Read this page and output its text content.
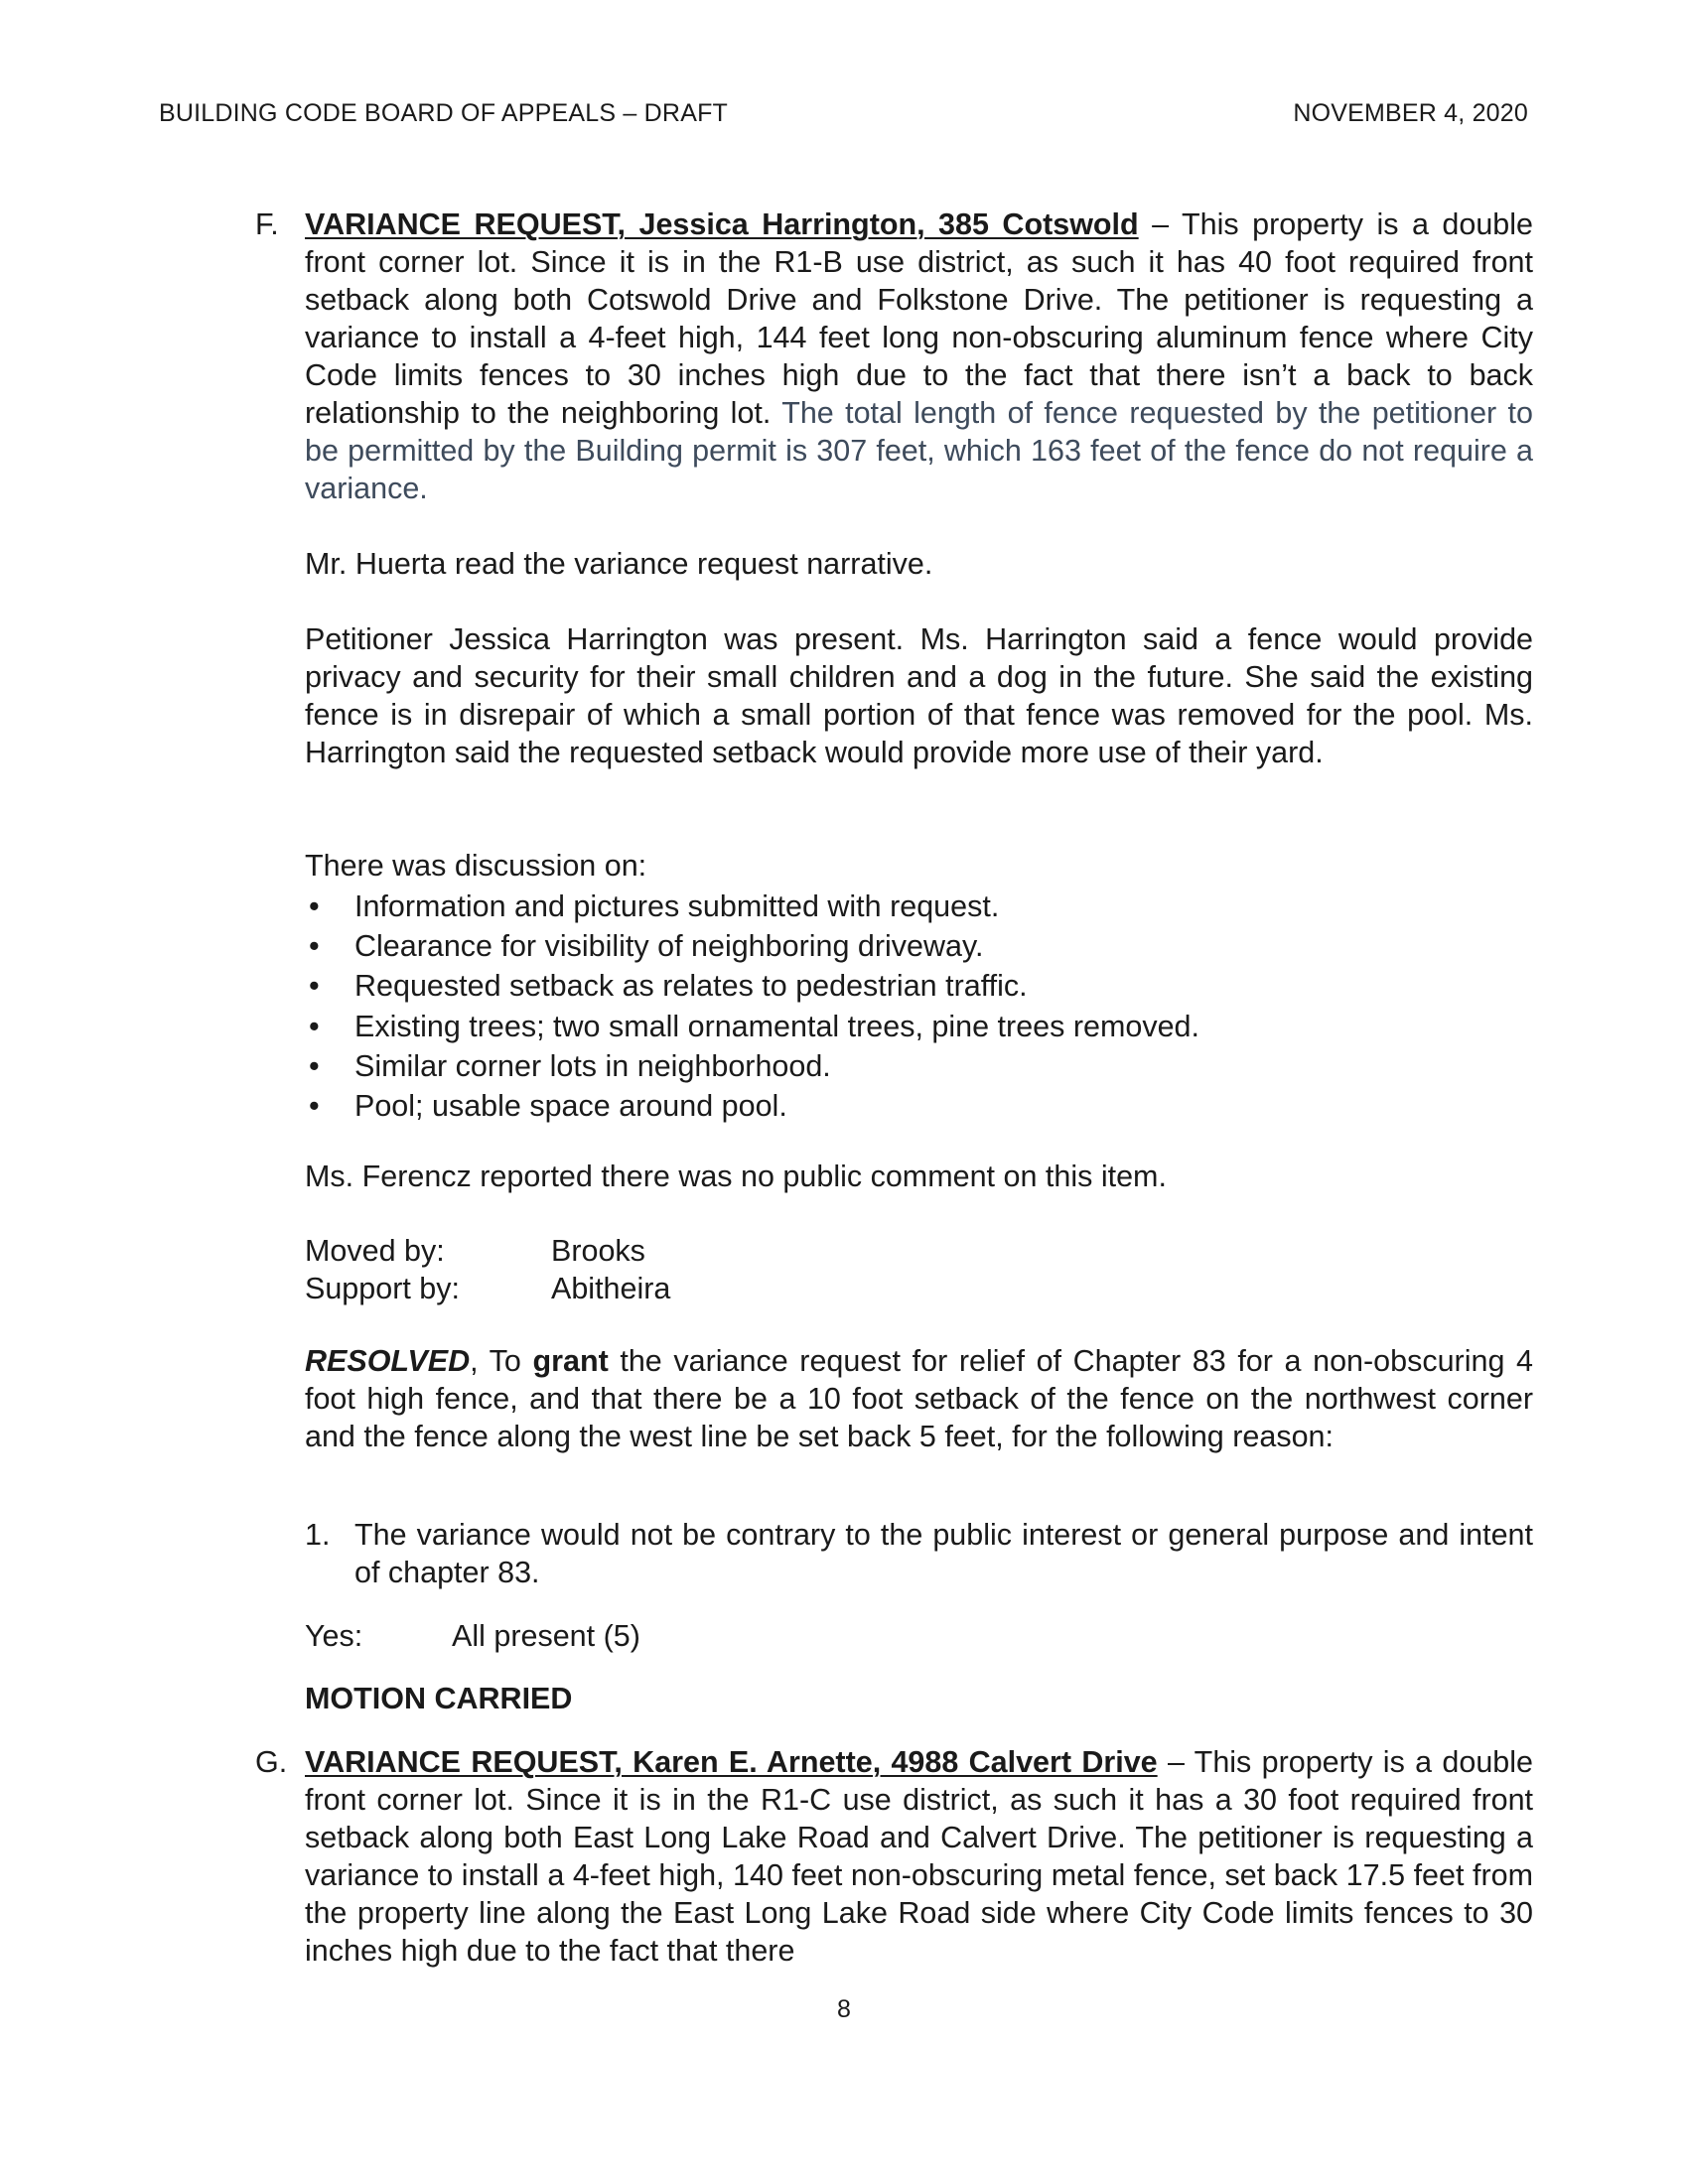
BUILDING CODE BOARD OF APPEALS – DRAFT	NOVEMBER 4, 2020
F. VARIANCE REQUEST, Jessica Harrington, 385 Cotswold – This property is a double front corner lot. Since it is in the R1-B use district, as such it has 40 foot required front setback along both Cotswold Drive and Folkstone Drive. The petitioner is requesting a variance to install a 4-feet high, 144 feet long non-obscuring aluminum fence where City Code limits fences to 30 inches high due to the fact that there isn’t a back to back relationship to the neighboring lot. The total length of fence requested by the petitioner to be permitted by the Building permit is 307 feet, which 163 feet of the fence do not require a variance.

Mr. Huerta read the variance request narrative.

Petitioner Jessica Harrington was present. Ms. Harrington said a fence would provide privacy and security for their small children and a dog in the future. She said the existing fence is in disrepair of which a small portion of that fence was removed for the pool. Ms. Harrington said the requested setback would provide more use of their yard.

There was discussion on:

• Information and pictures submitted with request.
• Clearance for visibility of neighboring driveway.
• Requested setback as relates to pedestrian traffic.
• Existing trees; two small ornamental trees, pine trees removed.
• Similar corner lots in neighborhood.
• Pool; usable space around pool.

Ms. Ferencz reported there was no public comment on this item.

Moved by:	Brooks
Support by:	Abitheira

RESOLVED, To grant the variance request for relief of Chapter 83 for a non-obscuring 4 foot high fence, and that there be a 10 foot setback of the fence on the northwest corner and the fence along the west line be set back 5 feet, for the following reason:

1. The variance would not be contrary to the public interest or general purpose and intent of chapter 83.

Yes:	All present (5)

MOTION CARRIED

G. VARIANCE REQUEST, Karen E. Arnette, 4988 Calvert Drive – This property is a double front corner lot. Since it is in the R1-C use district, as such it has a 30 foot required front setback along both East Long Lake Road and Calvert Drive. The petitioner is requesting a variance to install a 4-feet high, 140 feet non-obscuring metal fence, set back 17.5 feet from the property line along the East Long Lake Road side where City Code limits fences to 30 inches high due to the fact that there

8
